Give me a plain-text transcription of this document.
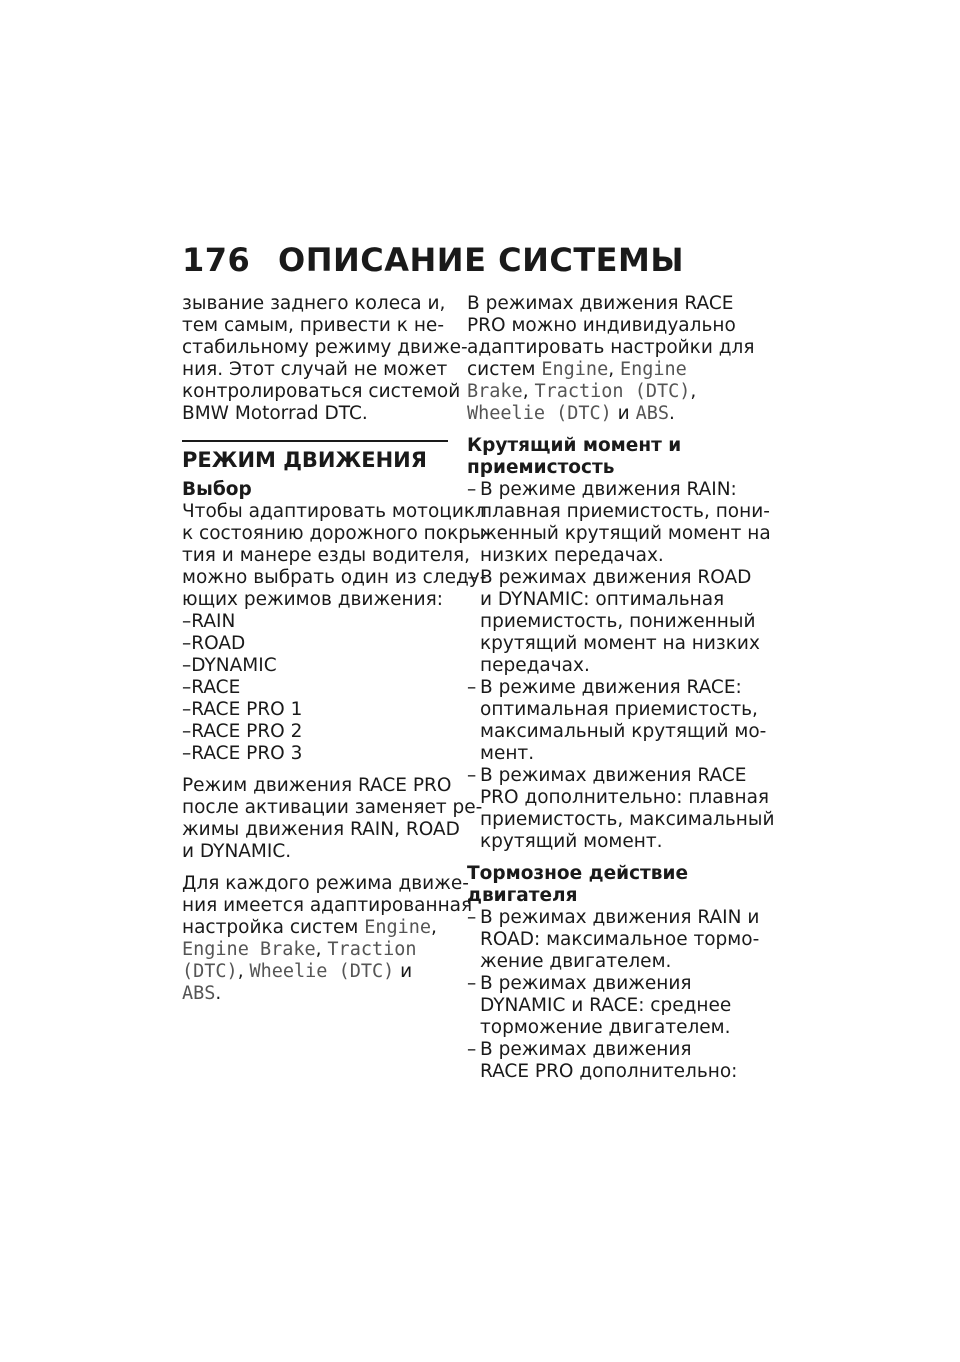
176 ОПИСАНИЕ СИСТЕМЫ
зывание заднего колеса и,
тем самым, привести к не-
стабильному режиму движе-
ния. Этот случай не может
контролироваться системой
BMW Motorrad DTC.
РЕЖИМ ДВИЖЕНИЯ
Выбор
Чтобы адаптировать мотоцикл
к состоянию дорожного покры-
тия и манере езды водителя,
можно выбрать один из следу-
ющих режимов движения:
– RAIN
– ROAD
– DYNAMIC
– RACE
– RACE PRO 1
– RACE PRO 2
– RACE PRO 3
Режим движения RACE PRO
после активации заменяет ре-
жимы движения RAIN, ROAD
и DYNAMIC.
Для каждого режима движе-
ния имеется адаптированная
настройка систем Engine,
Engine Brake, Traction
(DTC), Wheelie (DTC) и
ABS.
В режимах движения RACE
PRO можно индивидуально
адаптировать настройки для
систем Engine, Engine
Brake, Traction (DTC),
Wheelie (DTC) и ABS.
Крутящий момент и
приемистость
– В режиме движения RAIN:
плавная приемистость, пони-
женный крутящий момент на
низких передачах.
– В режимах движения ROAD
и DYNAMIC: оптимальная
приемистость, пониженный
крутящий момент на низких
передачах.
– В режиме движения RACE:
оптимальная приемистость,
максимальный крутящий мо-
мент.
– В режимах движения RACE
PRO дополнительно: плавная
приемистость, максимальный
крутящий момент.
Тормозное действие
двигателя
– В режимах движения RAIN и
ROAD: максимальное тормо-
жение двигателем.
– В режимах движения
DYNAMIC и RACE: среднее
торможение двигателем.
– В режимах движения
RACE PRO дополнительно:
